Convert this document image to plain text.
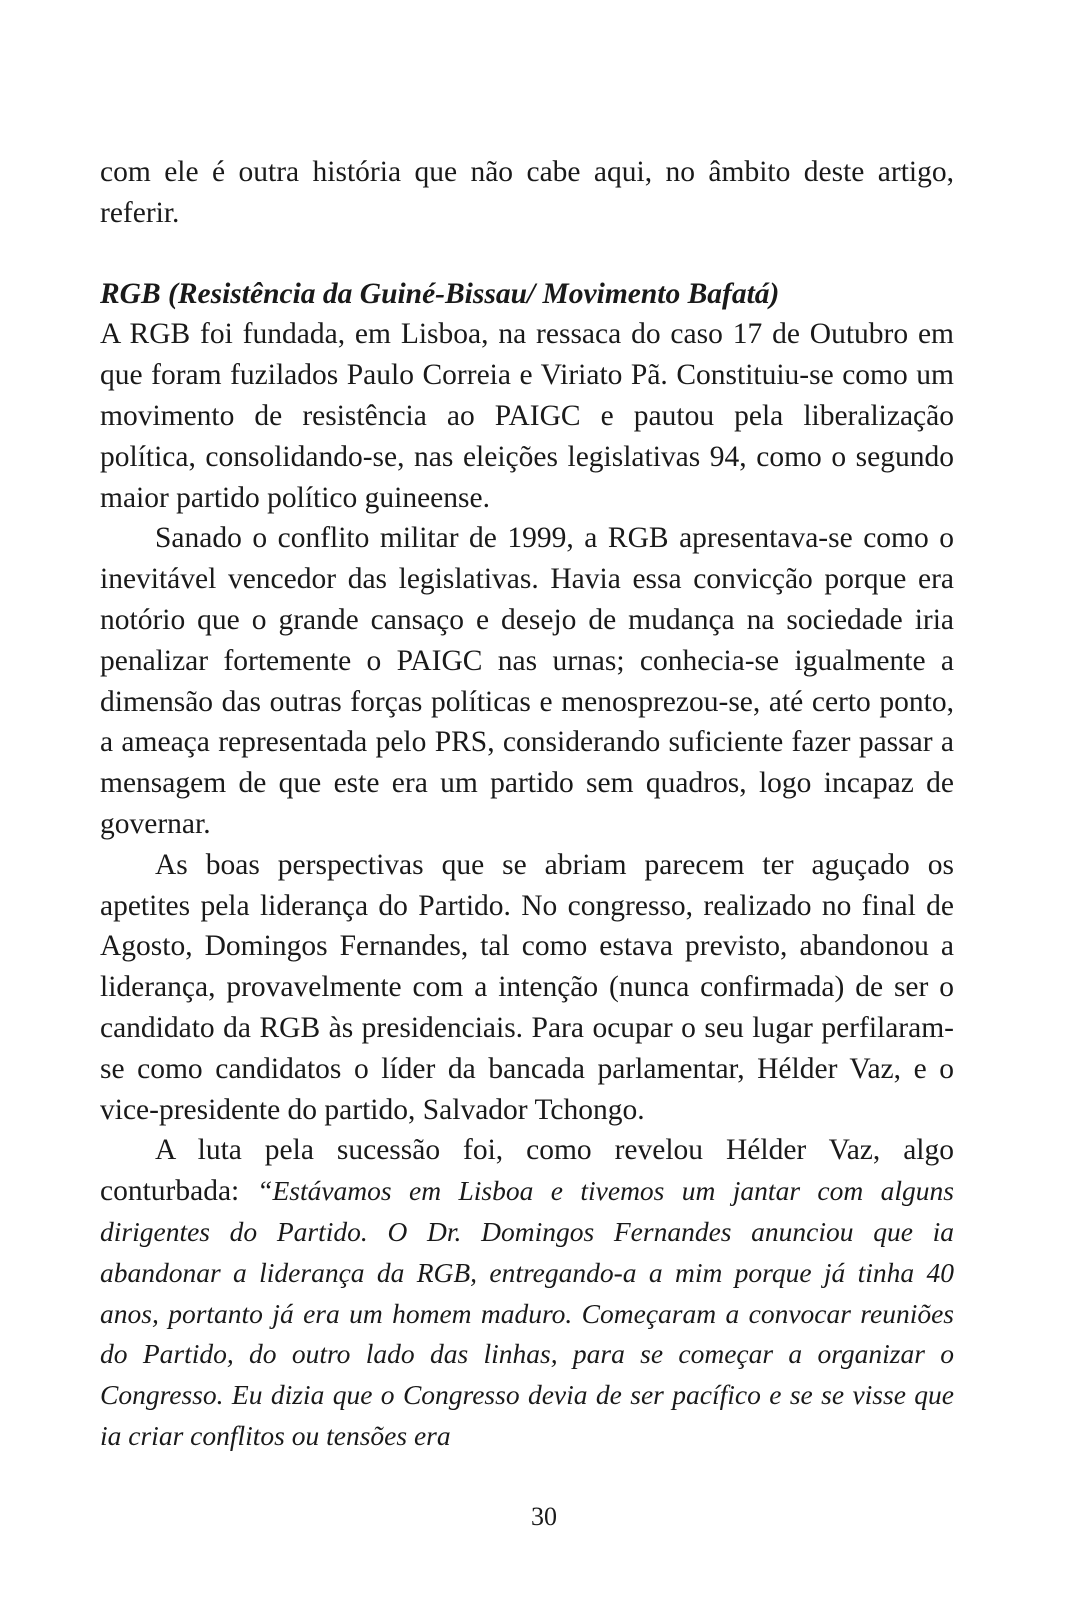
com ele é outra história que não cabe aqui, no âmbito deste artigo, referir.

RGB (Resistência da Guiné-Bissau/ Movimento Bafatá)

A RGB foi fundada, em Lisboa, na ressaca do caso 17 de Outubro em que foram fuzilados Paulo Correia e Viriato Pã. Constituiu-se como um movimento de resistência ao PAIGC e pautou pela liberalização política, consolidando-se, nas eleições legislativas 94, como o segundo maior partido político guineense.

Sanado o conflito militar de 1999, a RGB apresentava-se como o inevitável vencedor das legislativas. Havia essa convicção porque era notório que o grande cansaço e desejo de mudança na sociedade iria penalizar fortemente o PAIGC nas urnas; conhecia-se igualmente a dimensão das outras forças políticas e menosprezou-se, até certo ponto, a ameaça representada pelo PRS, considerando suficiente fazer passar a mensagem de que este era um partido sem quadros, logo incapaz de governar.

As boas perspectivas que se abriam parecem ter aguçado os apetites pela liderança do Partido. No congresso, realizado no final de Agosto, Domingos Fernandes, tal como estava previsto, abandonou a liderança, provavelmente com a intenção (nunca confirmada) de ser o candidato da RGB às presidenciais. Para ocupar o seu lugar perfilaram-se como candidatos o líder da bancada parlamentar, Hélder Vaz, e o vice-presidente do partido, Salvador Tchongo.

A luta pela sucessão foi, como revelou Hélder Vaz, algo conturbada: “Estávamos em Lisboa e tivemos um jantar com alguns dirigentes do Partido. O Dr. Domingos Fernandes anunciou que ia abandonar a liderança da RGB, entregando-a a mim porque já tinha 40 anos, portanto já era um homem maduro. Começaram a convocar reuniões do Partido, do outro lado das linhas, para se começar a organizar o Congresso. Eu dizia que o Congresso devia de ser pacífico e se se visse que ia criar conflitos ou tensões era

30
